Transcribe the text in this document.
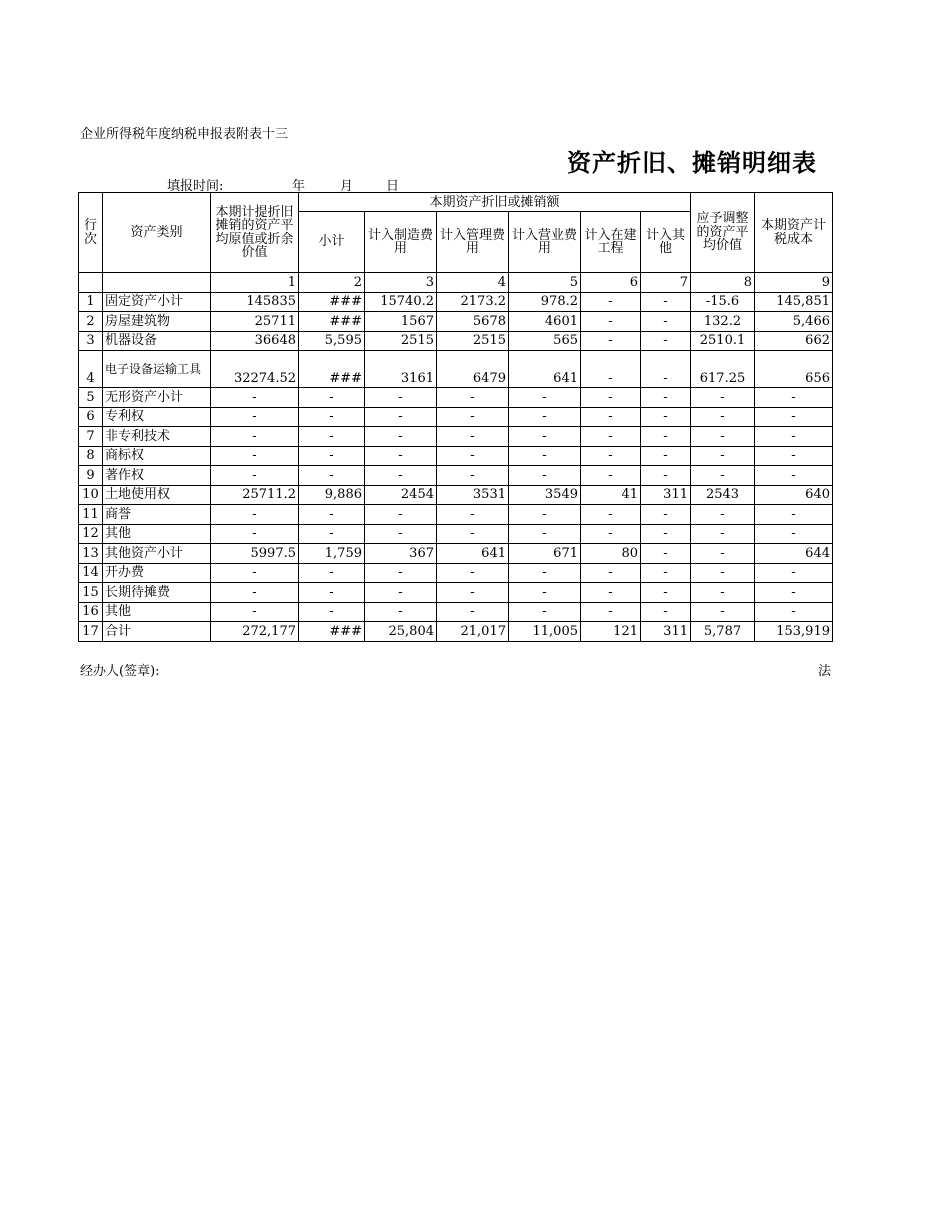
企业所得税年度纳税申报表附表十三
资产折旧、摊销明细表
填报时间:	年	月	日
行次	资产类别	本期计提折旧摊销的资产平均原值或折余价值	本期资产折旧或摊销额						应予调整的资产平均价值	本期资产计税成本
			小计	计入制造费用	计入管理费用	计入营业费用	计入在建工程	计入其他		
		1	2	3	4	5	6	7	8	9
1	固定资产小计	145835	###	15740.2	2173.2	978.2	-	-	-15.6	145,851
2	房屋建筑物	25711	###	1567	5678	4601	-	-	132.2	5,466
3	机器设备	36648	5,595	2515	2515	565	-	-	2510.1	662
4	电子设备运输工具	32274.52	###	3161	6479	641	-	-	617.25	656
5	无形资产小计	-	-	-	-	-	-	-	-	-
6	专利权	-	-	-	-	-	-	-	-	-
7	非专利技术	-	-	-	-	-	-	-	-	-
8	商标权	-	-	-	-	-	-	-	-	-
9	著作权	-	-	-	-	-	-	-	-	-
10	土地使用权	25711.2	9,886	2454	3531	3549	41	311	2543	640
11	商誉	-	-	-	-	-	-	-	-	-
12	其他	-	-	-	-	-	-	-	-	-
13	其他资产小计	5997.5	1,759	367	641	671	80	-	-	644
14	开办费	-	-	-	-	-	-	-	-	-
15	长期待摊费	-	-	-	-	-	-	-	-	-
16	其他	-	-	-	-	-	-	-	-	-
17	合计	272,177	###	25,804	21,017	11,005	121	311	5,787	153,919
经办人(签章):	法
